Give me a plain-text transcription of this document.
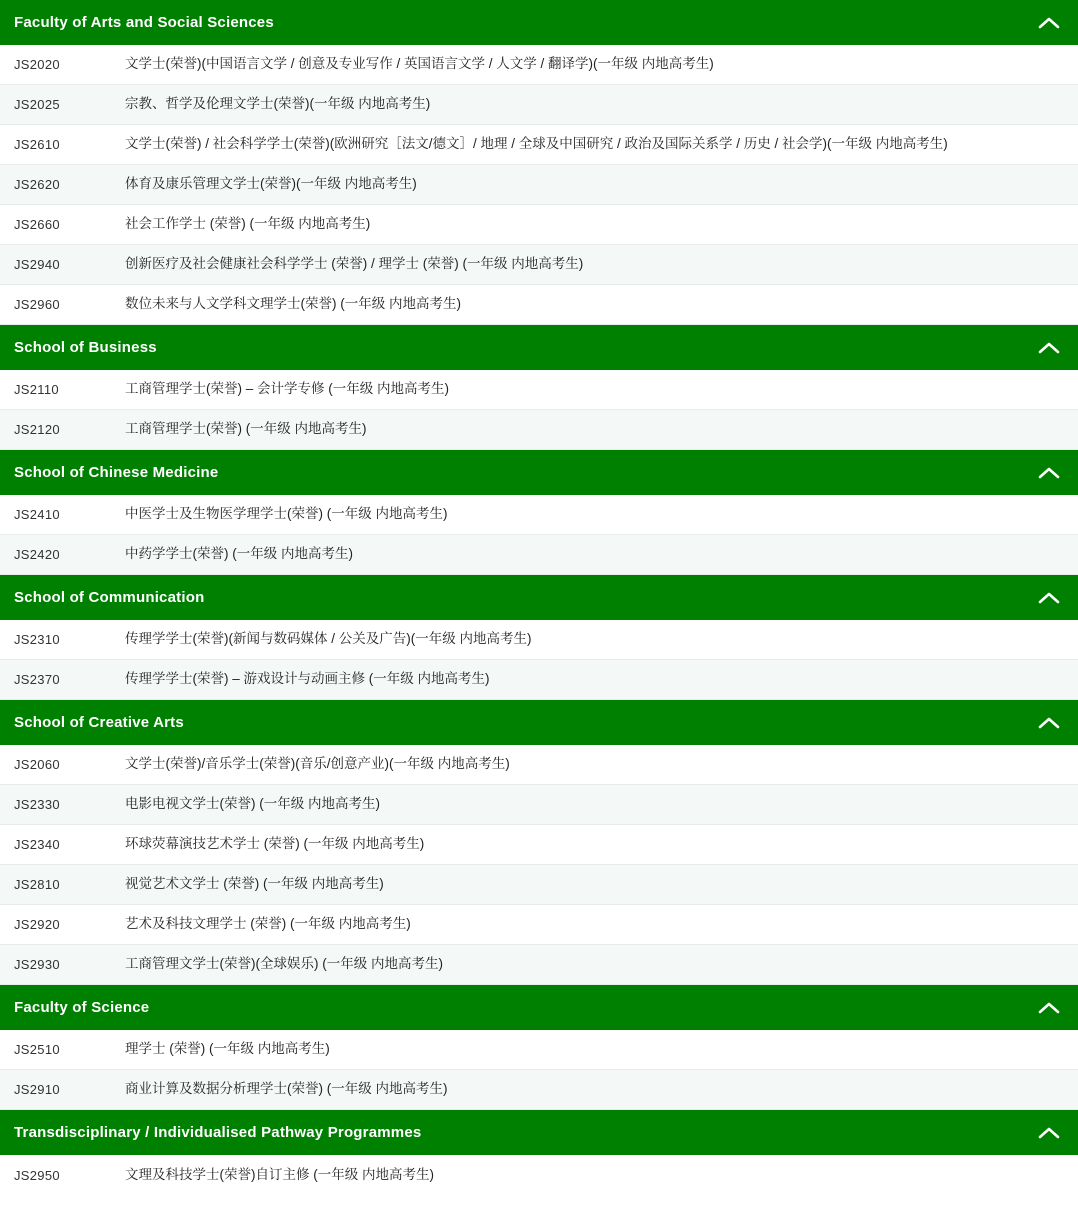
Faculty of Arts and Social Sciences
JS2020	文学士(荣誉)(中国语言文学 / 创意及专业写作 / 英国语言文学 / 人文学 / 翻译学)(一年级 内地高考生)
JS2025	宗教、哲学及伦理文学士(荣誉)(一年级 内地高考生)
JS2610	文学士(荣誉) / 社会科学学士(荣誉)(欧洲研究［法文/德文］/ 地理 / 全球及中国研究 / 政治及国际关系学 / 历史 / 社会学)(一年级 内地高考生)
JS2620	体育及康乐管理文学士(荣誉)(一年级 内地高考生)
JS2660	社会工作学士 (荣誉) (一年级 内地高考生)
JS2940	创新医疗及社会健康社会科学学士 (荣誉) / 理学士 (荣誉) (一年级 内地高考生)
JS2960	数位未来与人文学科文理学士(荣誉) (一年级 内地高考生)
School of Business
JS2110	工商管理学士(荣誉) – 会计学专修 (一年级 内地高考生)
JS2120	工商管理学士(荣誉) (一年级 内地高考生)
School of Chinese Medicine
JS2410	中医学士及生物医学理学士(荣誉) (一年级 内地高考生)
JS2420	中药学学士(荣誉) (一年级 内地高考生)
School of Communication
JS2310	传理学学士(荣誉)(新闻与数码媒体 / 公关及广告)(一年级 内地高考生)
JS2370	传理学学士(荣誉) – 游戏设计与动画主修 (一年级 内地高考生)
School of Creative Arts
JS2060	文学士(荣誉)/音乐学士(荣誉)(音乐/创意产业)(一年级 内地高考生)
JS2330	电影电视文学士(荣誉) (一年级 内地高考生)
JS2340	环球荧幕演技艺术学士 (荣誉) (一年级 内地高考生)
JS2810	视觉艺术文学士 (荣誉) (一年级 内地高考生)
JS2920	艺术及科技文理学士 (荣誉) (一年级 内地高考生)
JS2930	工商管理文学士(荣誉)(全球娱乐) (一年级 内地高考生)
Faculty of Science
JS2510	理学士 (荣誉) (一年级 内地高考生)
JS2910	商业计算及数据分析理学士(荣誉) (一年级 内地高考生)
Transdisciplinary / Individualised Pathway Programmes
JS2950	文理及科技学士(荣誉)自订主修 (一年级 内地高考生)
